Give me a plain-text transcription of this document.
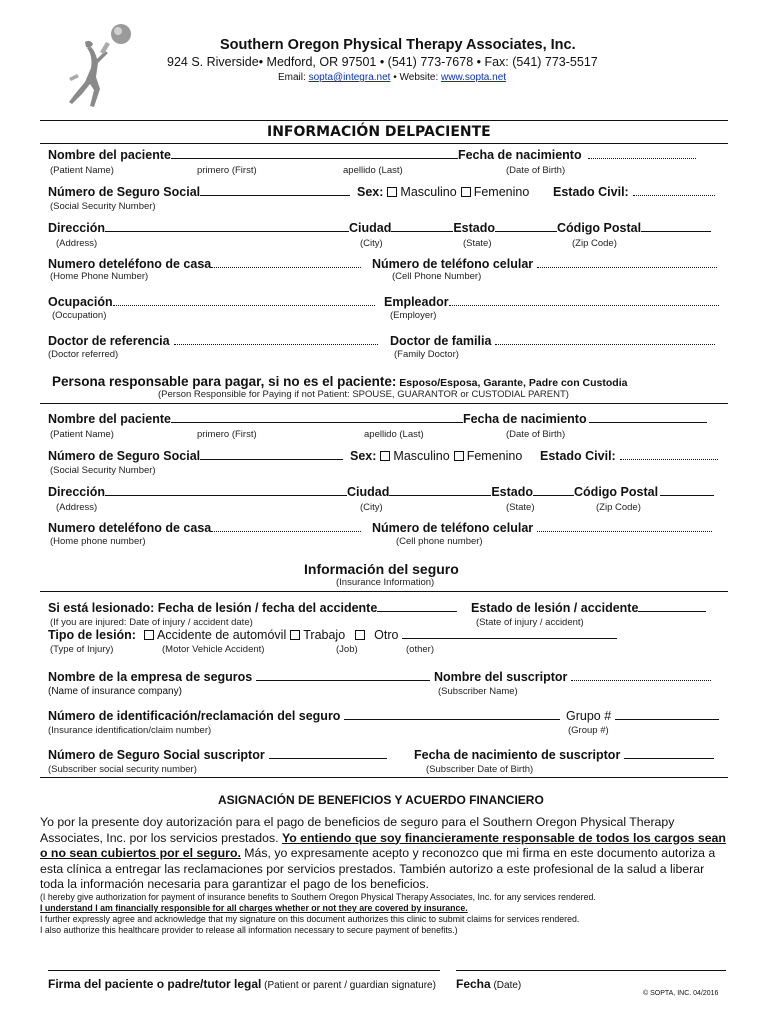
Southern Oregon Physical Therapy Associates, Inc.
924 S. Riverside• Medford, OR 97501 • (541) 773-7678 • Fax: (541) 773-5517
Email: sopta@integra.net • Website: www.sopta.net
INFORMACIÓN DELPACIENTE
Nombre del paciente	Fecha de nacimiento
(Patient Name)	primero (First)	apellido (Last)	(Date of Birth)
Número de Seguro Social	Sex: Masculino Femenino Estado Civil:
(Social Security Number)
Dirección	Ciudad	Estado	Código Postal
(Address)	(City)	(State)	(Zip Code)
Numero deteléfono de casa	Número de teléfono celular
(Home Phone Number)	(Cell Phone Number)
Ocupación	Empleador
(Occupation)	(Employer)
Doctor de referencia	Doctor de familia
(Doctor referred)	(Family Doctor)
Persona responsable para pagar, si no es el paciente: Esposo/Esposa, Garante, Padre con Custodia
(Person Responsible for Paying if not Patient: SPOUSE, GUARANTOR or CUSTODIAL PARENT)
Nombre del paciente	Fecha de nacimiento
(Patient Name)	primero (First)	apellido (Last)	(Date of Birth)
Número de Seguro Social	Sex: Masculino Femenino Estado Civil:
(Social Security Number)
Dirección	Ciudad	Estado	Código Postal
(Address)	(City)	(State)	(Zip Code)
Numero deteléfono de casa	Número de teléfono celular
(Home phone number)	(Cell phone number)
Información del seguro
(Insurance Information)
Si está lesionado: Fecha de lesión / fecha del accidente	Estado de lesión / accidente
(If you are injured: Date of injury / accident date)	(State of injury / accident)
Tipo de lesión: Accidente de automóvil Trabajo Otro
(Type of Injury)	(Motor Vehicle Accident)	(Job)	(other)
Nombre de la empresa de seguros	Nombre del suscriptor
(Name of insurance company)	(Subscriber Name)
Número de identificación/reclamación del seguro	Grupo #
(Insurance identification/claim number)	(Group #)
Número de Seguro Social suscriptor	Fecha de nacimiento de suscriptor
(Subscriber social security number)	(Subscriber Date of Birth)
ASIGNACIÓN DE BENEFICIOS Y ACUERDO FINANCIERO
Yo por la presente doy autorización para el pago de beneficios de seguro para el Southern Oregon Physical Therapy Associates, Inc. por los servicios prestados. Yo entiendo que soy financieramente responsable de todos los cargos sean o no sean cubiertos por el seguro. Más, yo expresamente acepto y reconozco que mi firma en este documento autoriza a esta clínica a entregar las reclamaciones por servicios prestados. También autorizo a este profesional de la salud a liberar toda la información necesaria para garantizar el pago de los beneficios.
(I hereby give authorization for payment of insurance benefits to Southern Oregon Physical Therapy Associates, Inc. for any services rendered.
I understand I am financially responsible for all charges whether or not they are covered by insurance.
I further expressly agree and acknowledge that my signature on this document authorizes this clinic to submit claims for services rendered.
I also authorize this healthcare provider to release all information necessary to secure payment of benefits.)
Firma del paciente o padre/tutor legal (Patient or parent / guardian signature) Fecha (Date)
© SOPTA, INC. 04/2016
